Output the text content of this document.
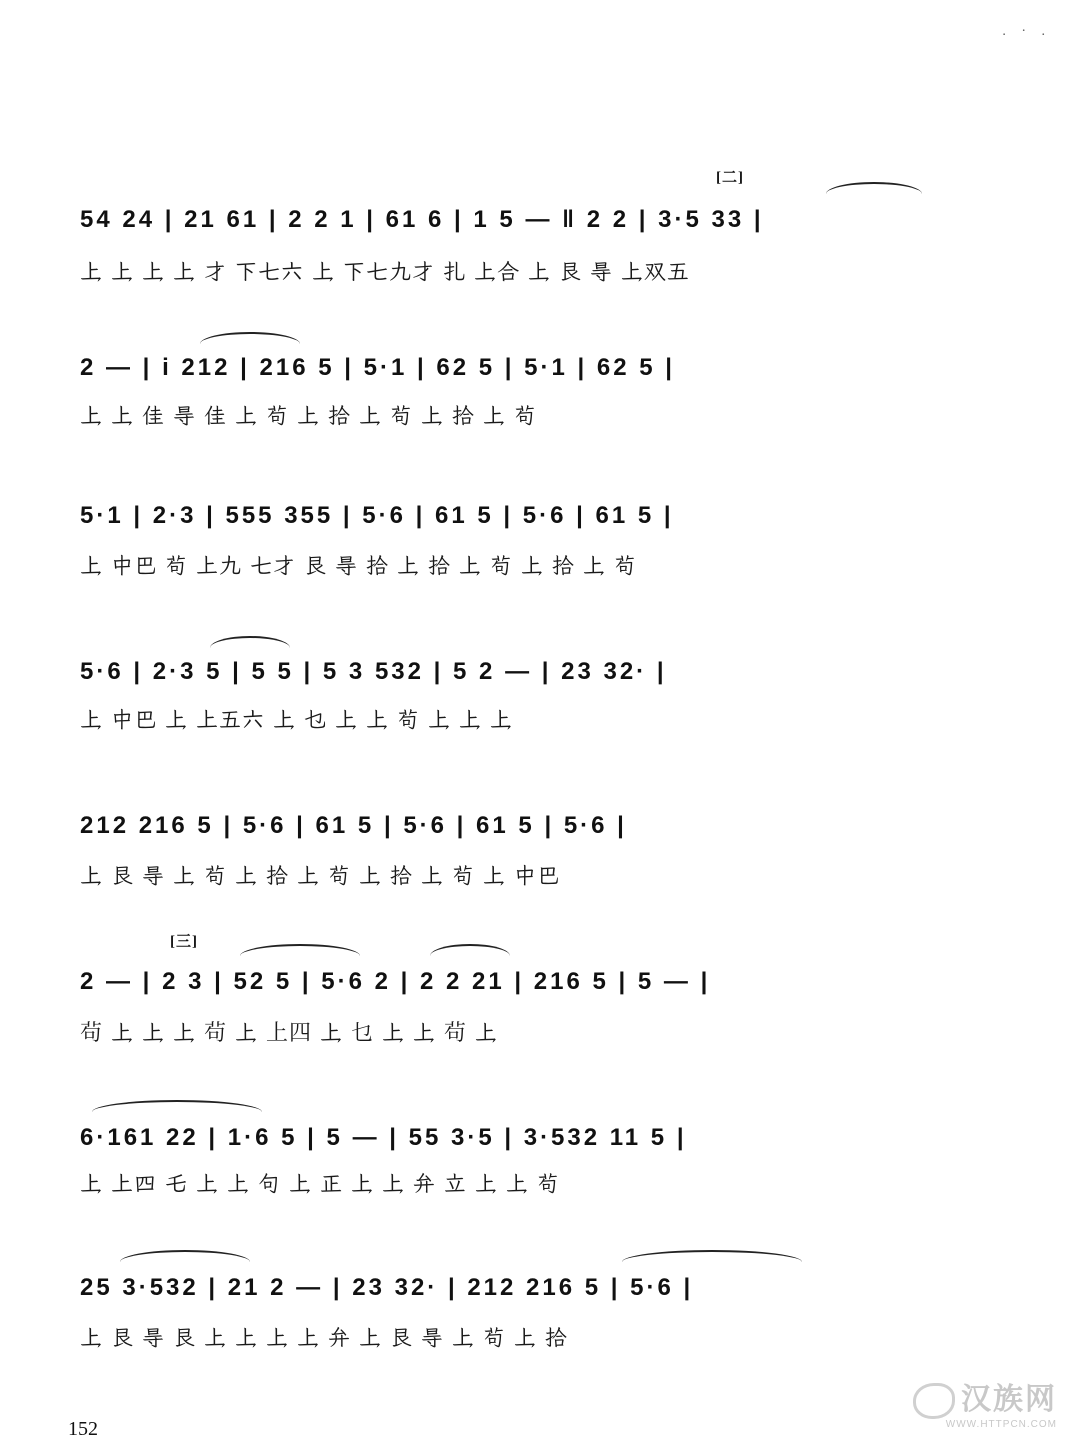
. · .
[二]
[三]

54 24 | 21 61 | 2 2 1 | 61 6 | 1 5 — ‖ 2 2 | 3·5 33 |

𪛚 𪛚 𪛚 𪛚 才 下七六 𪛚 下七九才 扎 𪛚合 𪛚 艮 㝵 𪛚双五

2 — | i 212 | 216 5 | 5·1 | 62 5 | 5·1 | 62 5 |

𪛚 𪛚 佳 㝵 佳 𪛚 茍 𪛚 拾 𪛚 茍 𪛚 拾 𪛚 茍

5·1 | 2·3 | 555 355 | 5·6 | 61 5 | 5·6 | 61 5 |

𪛚 中巴 茍 上九 七才 艮 㝵 拾 𪛚 拾 𪛚 茍 𪛚 拾 𪛚 茍

5·6 | 2·3 5 | 5 5 | 5 3 532 | 5 2 — | 23 32· |

𪛚 中巴 𪛚 上五六 𪛚 乜 𪛚 𪛚 茍 𪛚 𪛚 𪛚

212 216 5 | 5·6 | 61 5 | 5·6 | 61 5 | 5·6 |

𪛚 艮 㝵 𪛚 茍 𪛚 拾 𪛚 茍 𪛚 拾 𪛚 茍 𪛚 中巴

2 — | 2 3 | 52 5 | 5·6 2 | 2 2 21 | 216 5 | 5 — |

茍 𪛚 𪛚 𪛚 茍 𪛚 上四 𪛚 乜 𪛚 𪛚 茍 𪛚

6·161 22 | 1·6 5 | 5 — | 55 3·5 | 3·532 11 5 |

𪛚 上四 乇 𪛚 𪛚 句 𪛚 正 𪛚 𪛚 弁 立 𪛚 𪛚 茍

25 3·532 | 21 2 — | 23 32· | 212 216 5 | 5·6 |

𪛚 艮 㝵 艮 𪛚 𪛚 𪛚 𪛚 弁 𪛚 艮 㝵 𪛚 茍 𪛚 拾

152
汉族网
WWW.HTTPCN.COM
